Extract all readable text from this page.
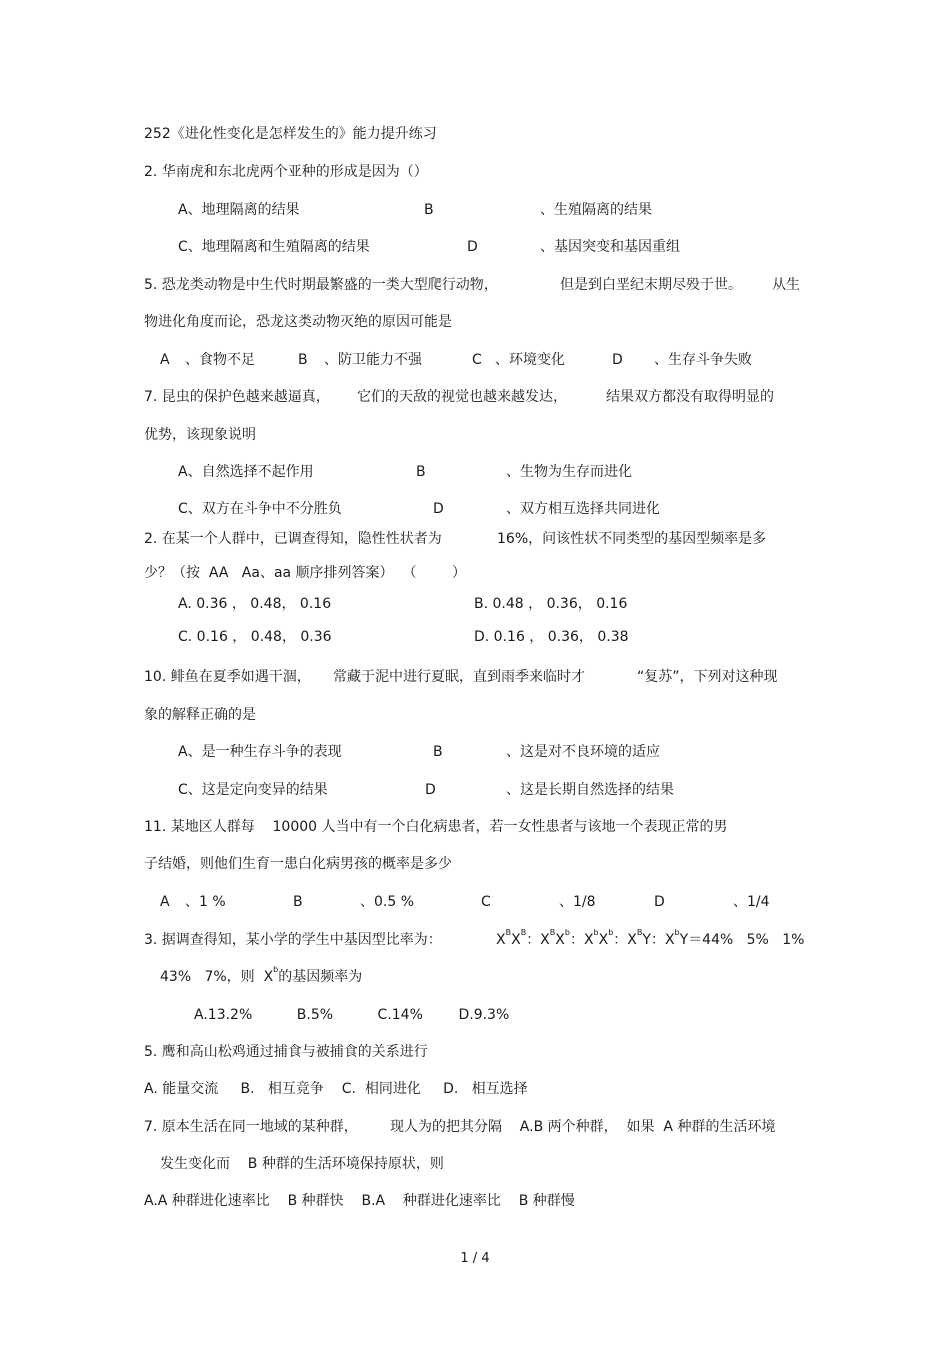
252《进化性变化是怎样发生的》能力提升练习
2. 华南虎和东北虎两个亚种的形成是因为（）
A、地理隔离的结果	B	、生殖隔离的结果
C、地理隔离和生殖隔离的结果	D	、基因突变和基因重组
5. 恐龙类动物是中生代时期最繁盛的一类大型爬行动物，	但是到白垩纪末期尽殁于世。 从生
物进化角度而论，恐龙这类动物灭绝的原因可能是
A 、食物不足	B 、防卫能力不强	C 、环境变化	D 、生存斗争失败
7. 昆虫的保护色越来越逼真， 它们的天敌的视觉也越来越发达，	结果双方都没有取得明显的
优势，该现象说明
A、自然选择不起作用	B	、生物为生存而进化
C、双方在斗争中不分胜负	D	、双方相互选择共同进化
2. 在某一个人群中，已调查得知，隐性性状者为	16%，问该性状不同类型的基因型频率是多
少？（按  AA   Aa、aa 顺序排列答案）  （        ）
A. 0.36 ， 0.48， 0.16	B. 0.48 ， 0.36， 0.16
C. 0.16 ， 0.48， 0.36	D. 0.16 ， 0.36， 0.38
10. 鲱鱼在夏季如遇干涸， 常藏于泥中进行夏眠，直到雨季来临时才	“复苏”，下列对这种现
象的解释正确的是
A、是一种生存斗争的表现	B	、这是对不良环境的适应
C、这是定向变异的结果	D	、这是长期自然选择的结果
11. 某地区人群每    10000 人当中有一个白化病患者，若一女性患者与该地一个表现正常的男
子结婚，则他们生育一患白化病男孩的概率是多少
A 、1 %	B	、0.5 %	C	、1/8	D	、1/4
3. 据调查得知，某小学的学生中基因型比率为：	$X^BX^B$：$X^BX^b$：$X^bX^b$：$X^BY$：$X^bY=44\%$   5%   1%
43%   7%，则  $X^b$的基因频率为
A.13.2%          B.5%          C.14%        D.9.3%
5. 鹰和高山松鸡通过捕食与被捕食的关系进行
A. 能量交流     B.   相互竞争    C.  相同进化     D.   相互选择
7. 原本生活在同一地域的某种群， 现人为的把其分隔    A.B 两个种群，  如果  A 种群的生活环境
发生变化而    B 种群的生活环境保持原状，则
A.A 种群进化速率比    B 种群快    B.A    种群进化速率比    B 种群慢
1 / 4
